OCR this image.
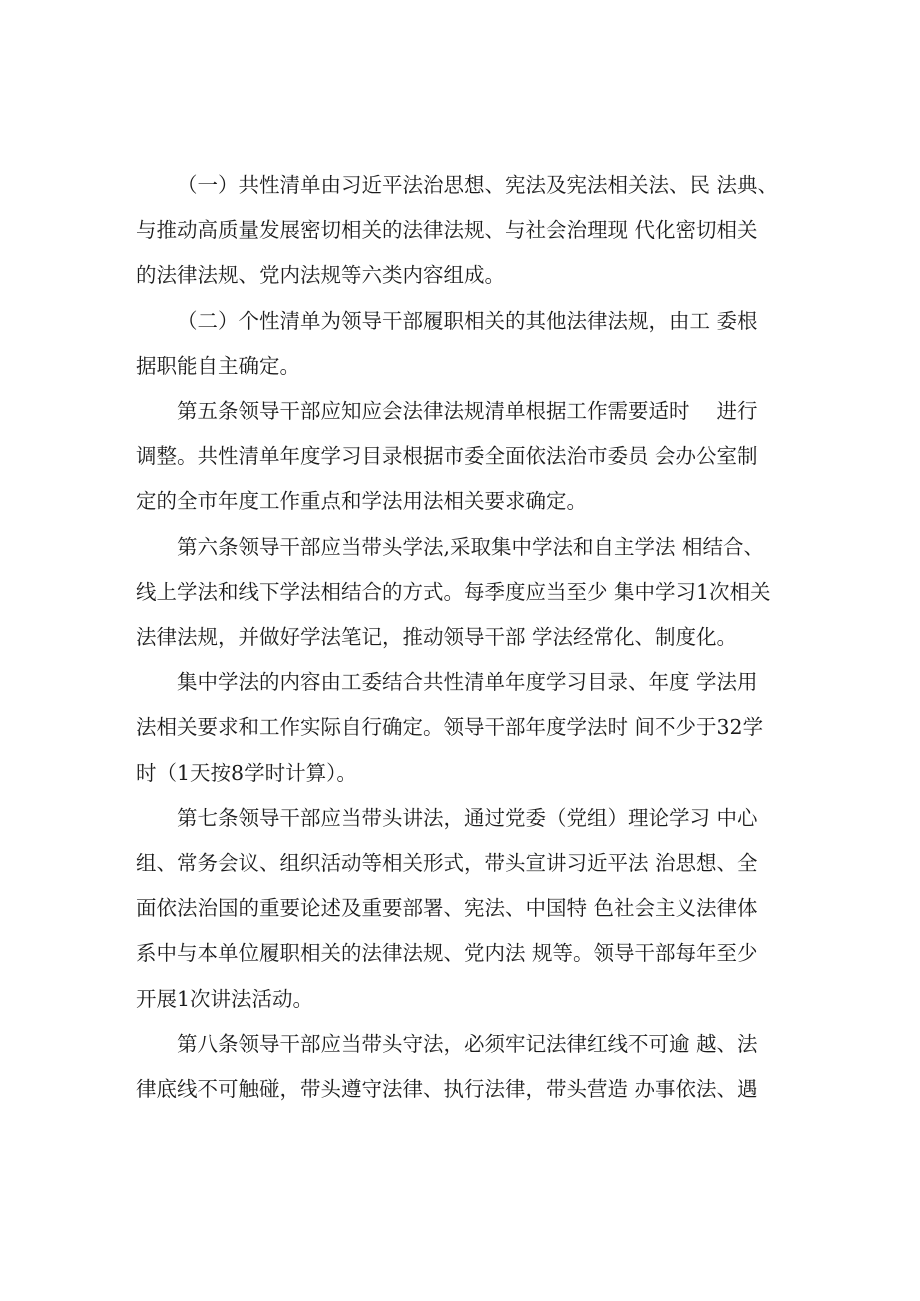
（一）共性清单由习近平法治思想、宪法及宪法相关法、民 法典、
与推动高质量发展密切相关的法律法规、与社会治理现 代化密切相关
的法律法规、党内法规等六类内容组成。

（二）个性清单为领导干部履职相关的其他法律法规，由工 委根
据职能自主确定。

第五条领导干部应知应会法律法规清单根据工作需要适时　 进行
调整。共性清单年度学习目录根据市委全面依法治市委员 会办公室制
定的全市年度工作重点和学法用法相关要求确定。

第六条领导干部应当带头学法,采取集中学法和自主学法 相结合、
线上学法和线下学法相结合的方式。每季度应当至少 集中学习1次相关
法律法规，并做好学法笔记，推动领导干部 学法经常化、制度化。

集中学法的内容由工委结合共性清单年度学习目录、年度 学法用
法相关要求和工作实际自行确定。领导干部年度学法时 间不少于32学
时（1天按8学时计算）。

第七条领导干部应当带头讲法，通过党委（党组）理论学习 中心
组、常务会议、组织活动等相关形式，带头宣讲习近平法 治思想、全
面依法治国的重要论述及重要部署、宪法、中国特 色社会主义法律体
系中与本单位履职相关的法律法规、党内法 规等。领导干部每年至少
开展1次讲法活动。

第八条领导干部应当带头守法，必须牢记法律红线不可逾 越、法
律底线不可触碰，带头遵守法律、执行法律，带头营造 办事依法、遇
